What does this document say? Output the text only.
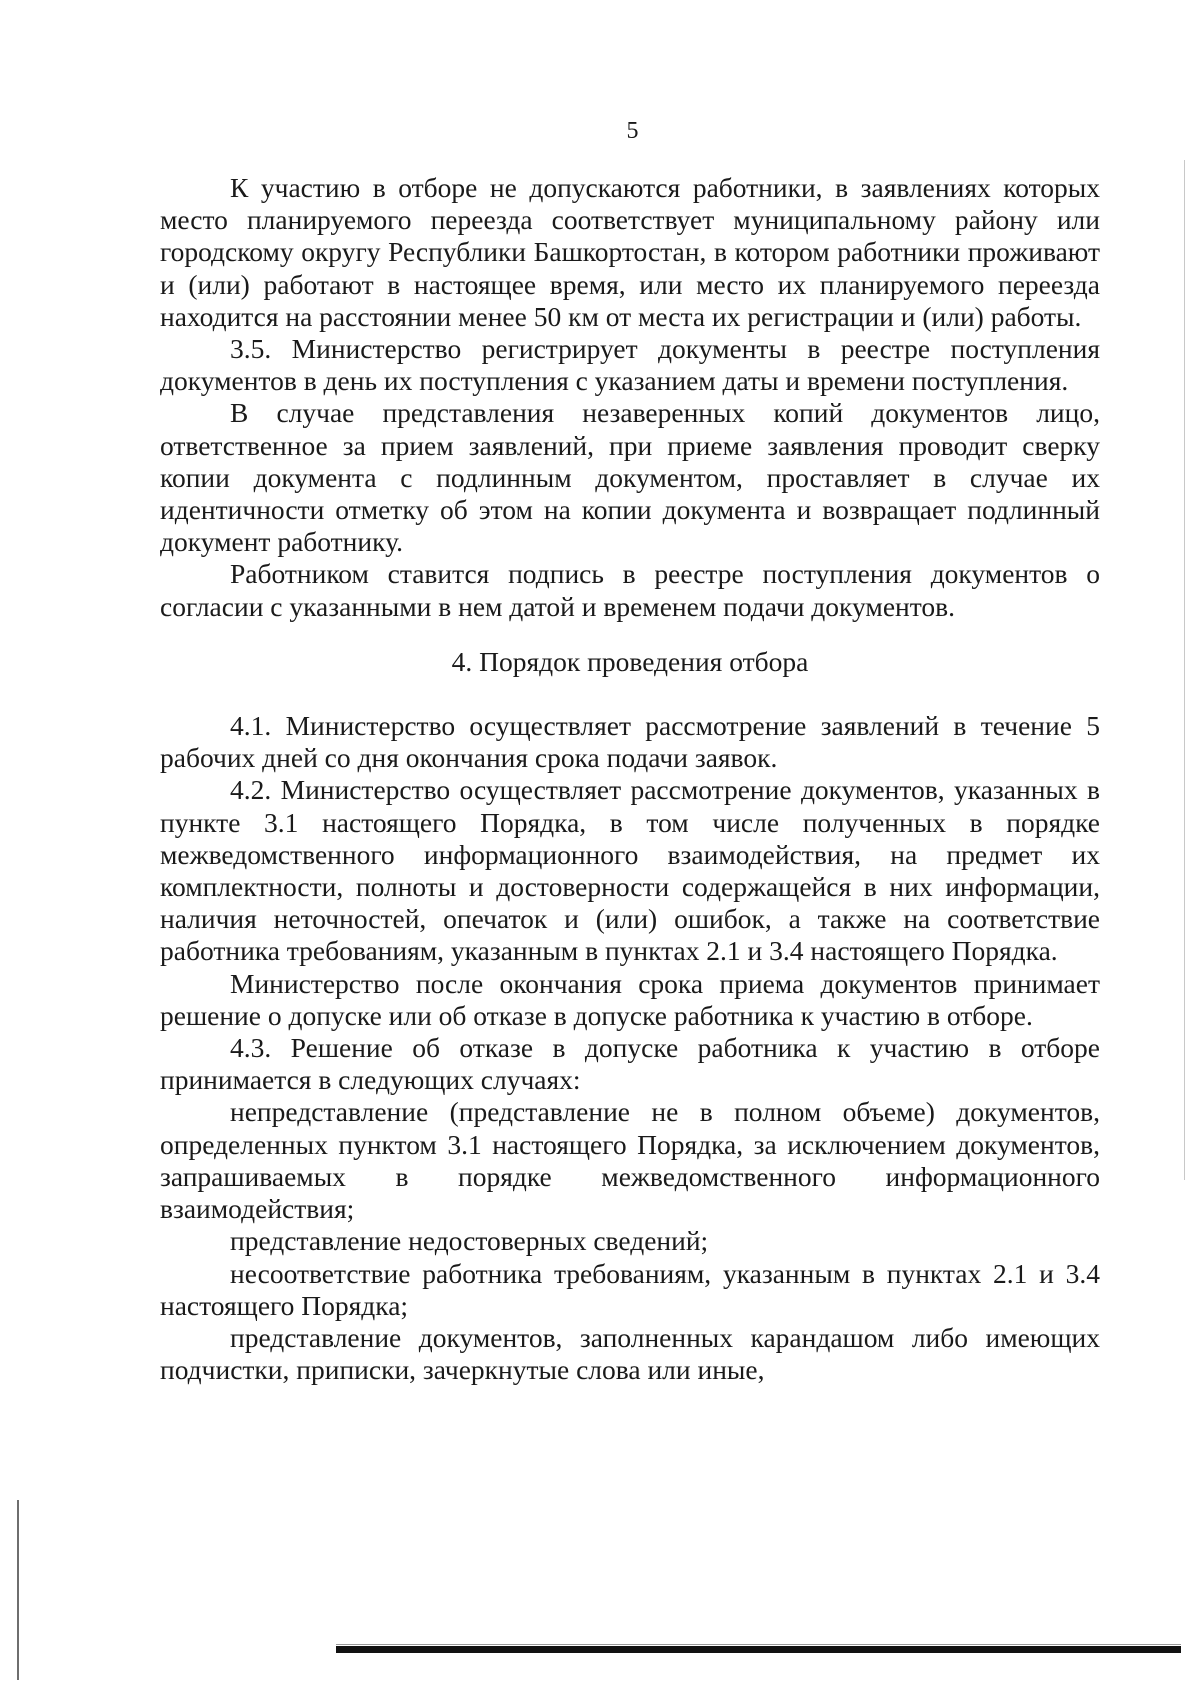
5

К участию в отборе не допускаются работники, в заявлениях которых место планируемого переезда соответствует муниципальному району или городскому округу Республики Башкортостан, в котором работники проживают и (или) работают в настоящее время, или место их планируемого переезда находится на расстоянии менее 50 км от места их регистрации и (или) работы.

3.5. Министерство регистрирует документы в реестре поступления документов в день их поступления с указанием даты и времени поступления.

В случае представления незаверенных копий документов лицо, ответственное за прием заявлений, при приеме заявления проводит сверку копии документа с подлинным документом, проставляет в случае их идентичности отметку об этом на копии документа и возвращает подлинный документ работнику.

Работником ставится подпись в реестре поступления документов о согласии с указанными в нем датой и временем подачи документов.

4. Порядок проведения отбора

4.1. Министерство осуществляет рассмотрение заявлений в течение 5 рабочих дней со дня окончания срока подачи заявок.

4.2. Министерство осуществляет рассмотрение документов, указанных в пункте 3.1 настоящего Порядка, в том числе полученных в порядке межведомственного информационного взаимодействия, на предмет их комплектности, полноты и достоверности содержащейся в них информации, наличия неточностей, опечаток и (или) ошибок, а также на соответствие работника требованиям, указанным в пунктах 2.1 и 3.4 настоящего Порядка.

Министерство после окончания срока приема документов принимает решение о допуске или об отказе в допуске работника к участию в отборе.

4.3. Решение об отказе в допуске работника к участию в отборе принимается в следующих случаях:

непредставление (представление не в полном объеме) документов, определенных пунктом 3.1 настоящего Порядка, за исключением документов, запрашиваемых в порядке межведомственного информационного взаимодействия;

представление недостоверных сведений;

несоответствие работника требованиям, указанным в пунктах 2.1 и 3.4 настоящего Порядка;

представление документов, заполненных карандашом либо имеющих подчистки, приписки, зачеркнутые слова или иные,
